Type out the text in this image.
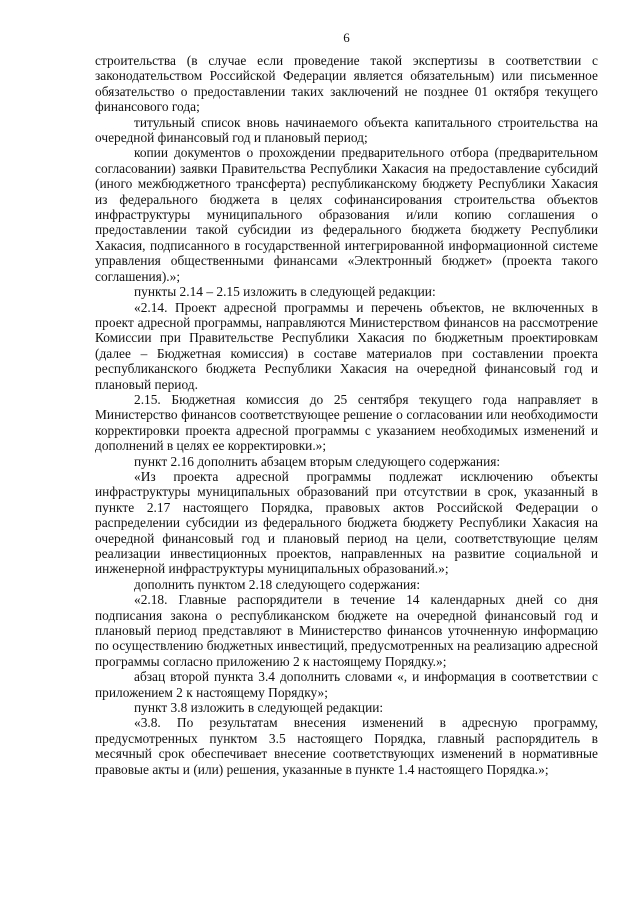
6

строительства (в случае если проведение такой экспертизы в соответствии с законодательством Российской Федерации является обязательным) или письменное обязательство о предоставлении таких заключений не позднее 01 октября текущего финансового года;

титульный список вновь начинаемого объекта капитального строительства на очередной финансовый год и плановый период;

копии документов о прохождении предварительного отбора (предварительном согласовании) заявки Правительства Республики Хакасия на предоставление субсидий (иного межбюджетного трансферта) республиканскому бюджету Республики Хакасия из федерального бюджета в целях софинансирования строительства объектов инфраструктуры муниципального образования и/или копию соглашения о предоставлении такой субсидии из федерального бюджета бюджету Республики Хакасия, подписанного в государственной интегрированной информационной системе управления общественными финансами «Электронный бюджет» (проекта такого соглашения).»;

пункты 2.14 – 2.15 изложить в следующей редакции:

«2.14. Проект адресной программы и перечень объектов, не включенных в проект адресной программы, направляются Министерством финансов на рассмотрение Комиссии при Правительстве Республики Хакасия по бюджетным проектировкам (далее – Бюджетная комиссия) в составе материалов при составлении проекта республиканского бюджета Республики Хакасия на очередной финансовый год и плановый период.

2.15. Бюджетная комиссия до 25 сентября текущего года направляет в Министерство финансов соответствующее решение о согласовании или необходимости корректировки проекта адресной программы с указанием необходимых изменений и дополнений в целях ее корректировки.»;

пункт 2.16 дополнить абзацем вторым следующего содержания:

«Из проекта адресной программы подлежат исключению объекты инфраструктуры муниципальных образований при отсутствии в срок, указанный в пункте 2.17 настоящего Порядка, правовых актов Российской Федерации о распределении субсидии из федерального бюджета бюджету Республики Хакасия на очередной финансовый год и плановый период на цели, соответствующие целям реализации инвестиционных проектов, направленных на развитие социальной и инженерной инфраструктуры муниципальных образований.»;

дополнить пунктом 2.18 следующего содержания:

«2.18. Главные распорядители в течение 14 календарных дней со дня подписания закона о республиканском бюджете на очередной финансовый год и плановый период представляют в Министерство финансов уточненную информацию по осуществлению бюджетных инвестиций, предусмотренных на реализацию адресной программы согласно приложению 2 к настоящему Порядку.»;

абзац второй пункта 3.4 дополнить словами «, и информация в соответствии с приложением 2 к настоящему Порядку»;

пункт 3.8 изложить в следующей редакции:

«3.8. По результатам внесения изменений в адресную программу, предусмотренных пунктом 3.5 настоящего Порядка, главный распорядитель в месячный срок обеспечивает внесение соответствующих изменений в нормативные правовые акты и (или) решения, указанные в пункте 1.4 настоящего Порядка.»;
